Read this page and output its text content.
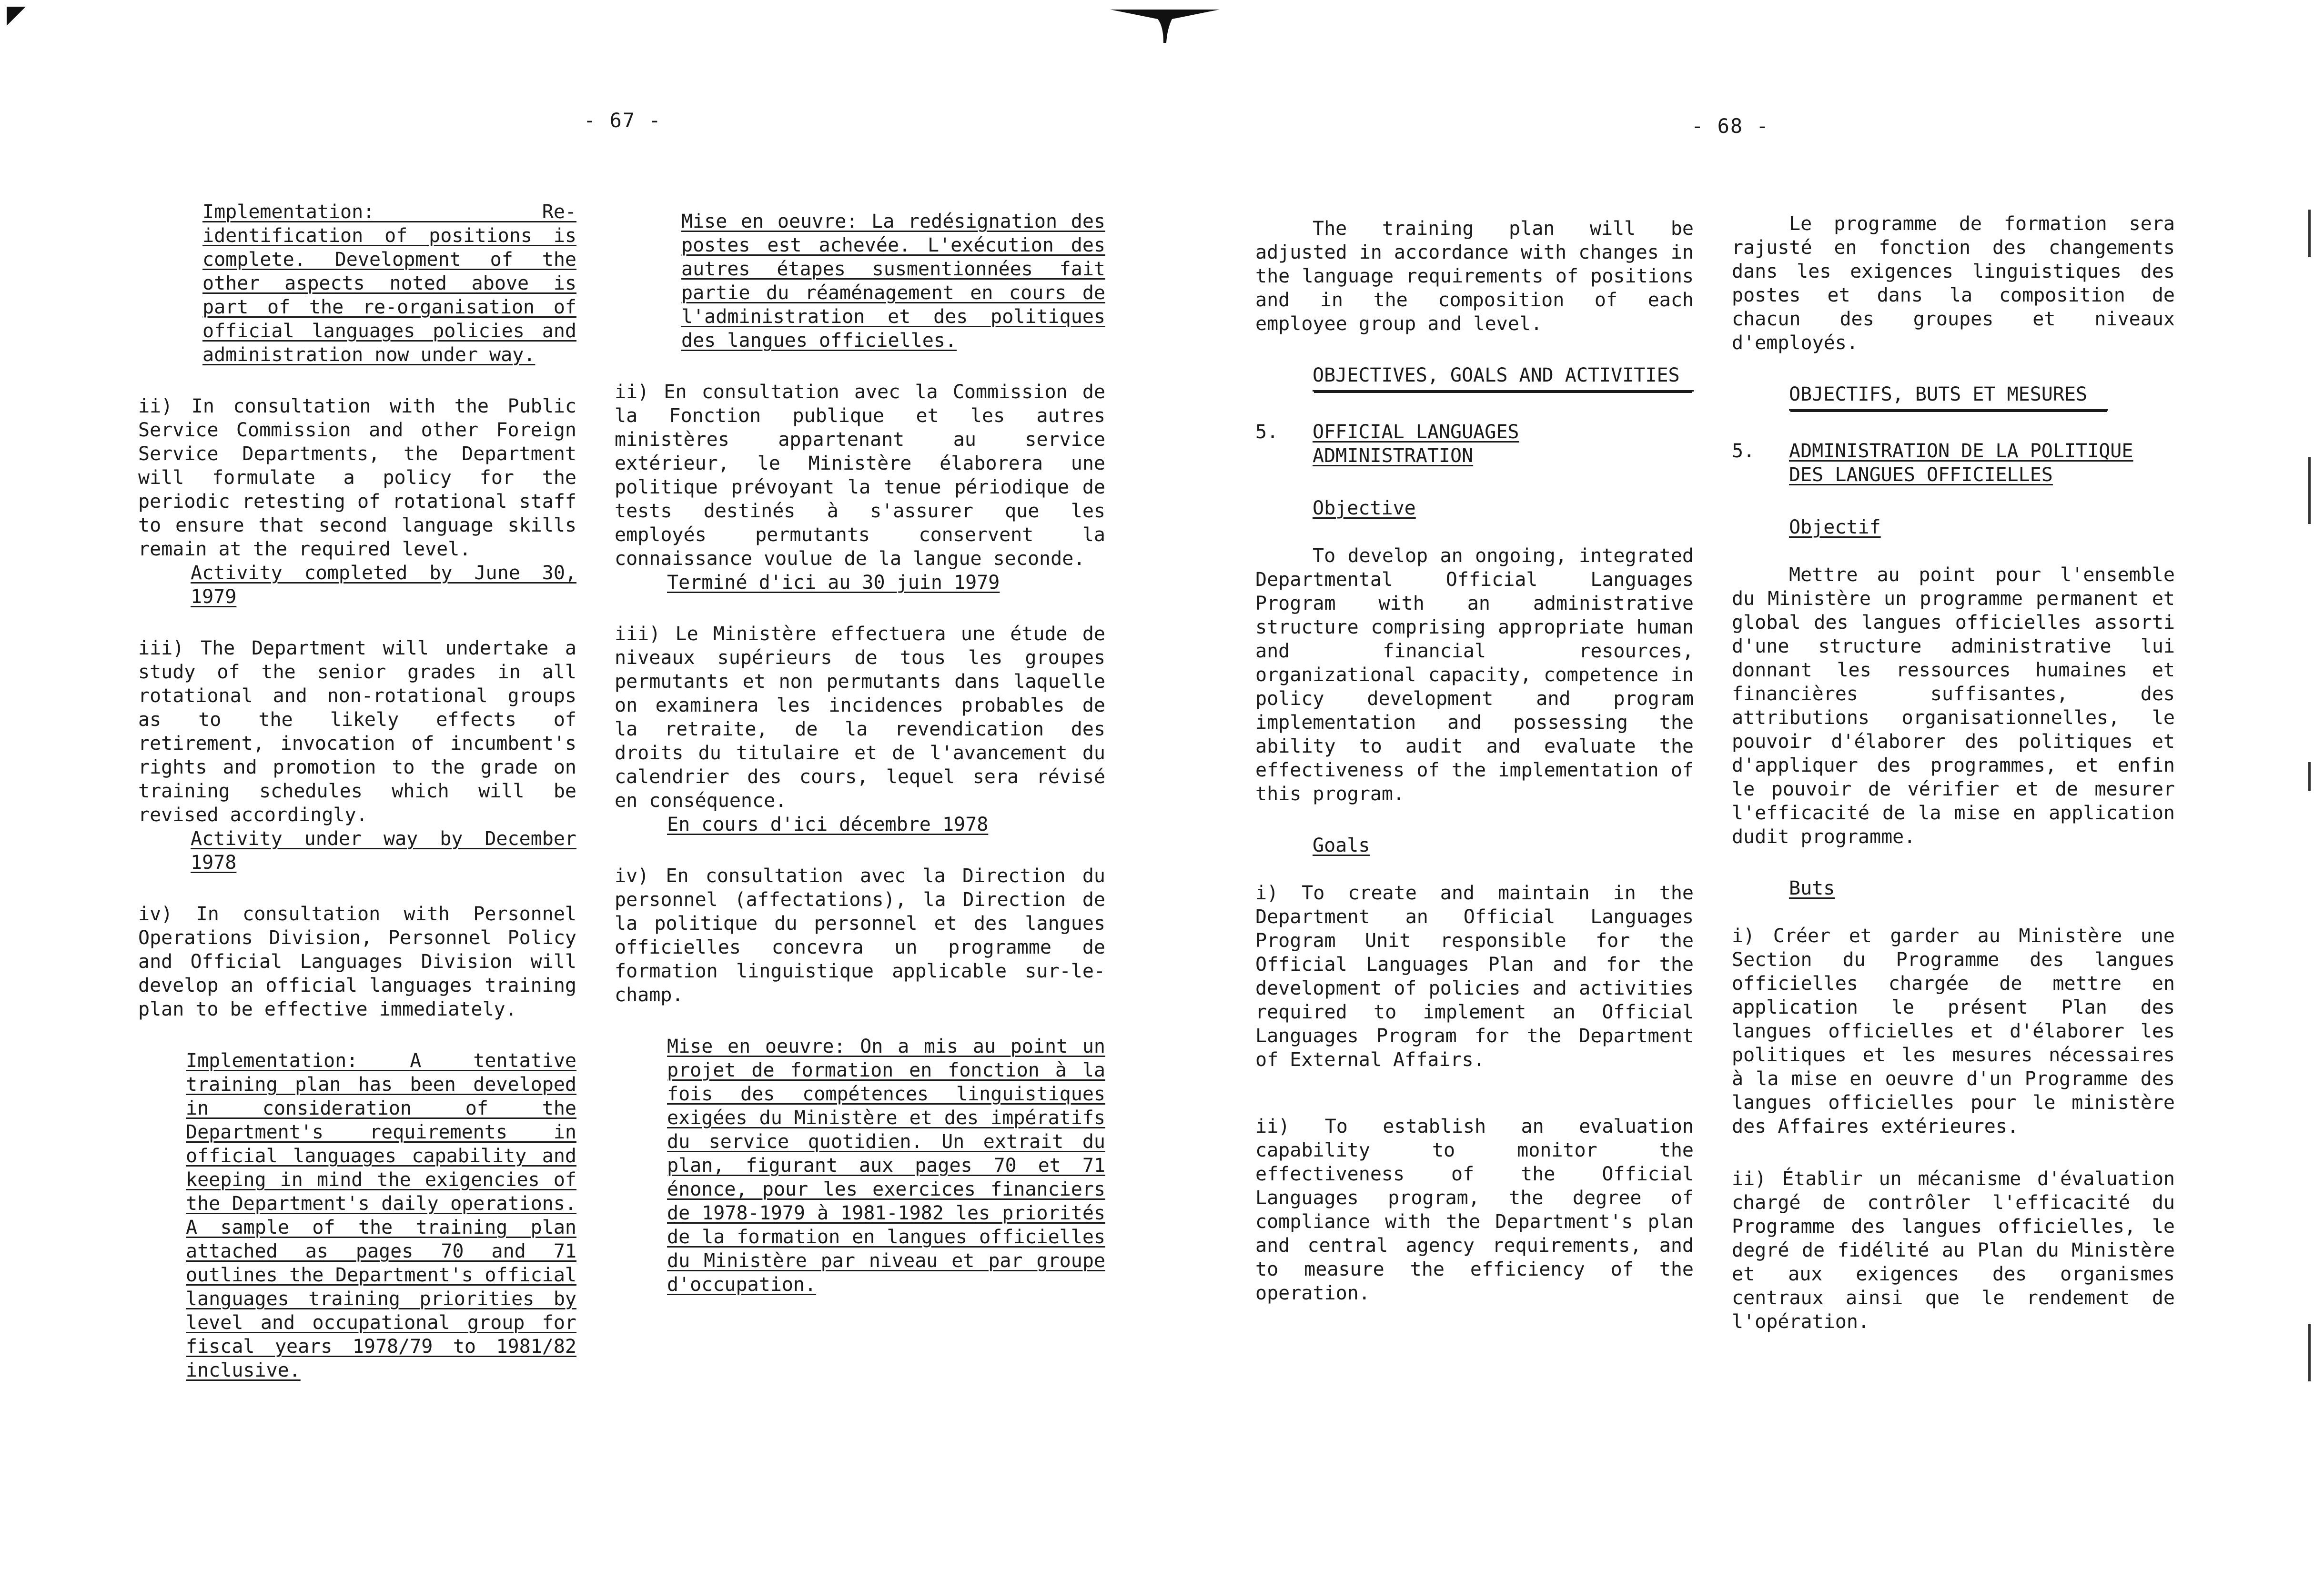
- 67 -

Implementation: Re-identification of positions is complete. Development of the other aspects noted above is part of the re-organisation of official languages policies and administration now under way.

ii) In consultation with the Public Service Commission and other Foreign Service Departments, the Department will formulate a policy for the periodic retesting of rotational staff to ensure that second language skills remain at the required level.

Activity completed by June 30, 1979

iii) The Department will undertake a study of the senior grades in all rotational and non-rotational groups as to the likely effects of retirement, invocation of incumbent's rights and promotion to the grade on training schedules which will be revised accordingly.

Activity under way by December 1978

iv) In consultation with Personnel Operations Division, Personnel Policy and Official Languages Division will develop an official languages training plan to be effective immediately.

Implementation: A tentative training plan has been developed in consideration of the Department's requirements in official languages capability and keeping in mind the exigencies of the Department's daily operations. A sample of the training plan attached as pages 70 and 71 outlines the Department's official languages training priorities by level and occupational group for fiscal years 1978/79 to 1981/82 inclusive.

Mise en oeuvre: La redésignation des postes est achevée. L'exécution des autres étapes susmentionnées fait partie du réaménagement en cours de l'administration et des politiques des langues officielles.

ii) En consultation avec la Commission de la Fonction publique et les autres ministères appartenant au service extérieur, le Ministère élaborera une politique prévoyant la tenue périodique de tests destinés à s'assurer que les employés permutants conservent la connaissance voulue de la langue seconde.

Terminé d'ici au 30 juin 1979

iii) Le Ministère effectuera une étude de niveaux supérieurs de tous les groupes permutants et non permutants dans laquelle on examinera les incidences probables de la retraite, de la revendication des droits du titulaire et de l'avancement du calendrier des cours, lequel sera révisé en conséquence.

En cours d'ici décembre 1978

iv) En consultation avec la Direction du personnel (affectations), la Direction de la politique du personnel et des langues officielles concevra un programme de formation linguistique applicable sur-le-champ.

Mise en oeuvre: On a mis au point un projet de formation en fonction à la fois des compétences linguistiques exigées du Ministère et des impératifs du service quotidien. Un extrait du plan, figurant aux pages 70 et 71 énonce, pour les exercices financiers de 1978-1979 à 1981-1982 les priorités de la formation en langues officielles du Ministère par niveau et par groupe d'occupation.

- 68 -

The training plan will be adjusted in accordance with changes in the language requirements of positions and in the composition of each employee group and level.

OBJECTIVES, GOALS AND ACTIVITIES
5. OFFICIAL LANGUAGES ADMINISTRATION
Objective

To develop an ongoing, integrated Departmental Official Languages Program with an administrative structure comprising appropriate human and financial resources, organizational capacity, competence in policy development and program implementation and possessing the ability to audit and evaluate the effectiveness of the implementation of this program.

Goals

i) To create and maintain in the Department an Official Languages Program Unit responsible for the Official Languages Plan and for the development of policies and activities required to implement an Official Languages Program for the Department of External Affairs.

ii) To establish an evaluation capability to monitor the effectiveness of the Official Languages program, the degree of compliance with the Department's plan and central agency requirements, and to measure the efficiency of the operation.

Le programme de formation sera rajusté en fonction des changements dans les exigences linguistiques des postes et dans la composition de chacun des groupes et niveaux d'employés.

OBJECTIFS, BUTS ET MESURES
5. ADMINISTRATION DE LA POLITIQUE DES LANGUES OFFICIELLES
Objectif

Mettre au point pour l'ensemble du Ministère un programme permanent et global des langues officielles assorti d'une structure administrative lui donnant les ressources humaines et financières suffisantes, des attributions organisationnelles, le pouvoir d'élaborer des politiques et d'appliquer des programmes, et enfin le pouvoir de vérifier et de mesurer l'efficacité de la mise en application dudit programme.

Buts

i) Créer et garder au Ministère une Section du Programme des langues officielles chargée de mettre en application le présent Plan des langues officielles et d'élaborer les politiques et les mesures nécessaires à la mise en oeuvre d'un Programme des langues officielles pour le ministère des Affaires extérieures.

ii) Établir un mécanisme d'évaluation chargé de contrôler l'efficacité du Programme des langues officielles, le degré de fidélité au Plan du Ministère et aux exigences des organismes centraux ainsi que le rendement de l'opération.
